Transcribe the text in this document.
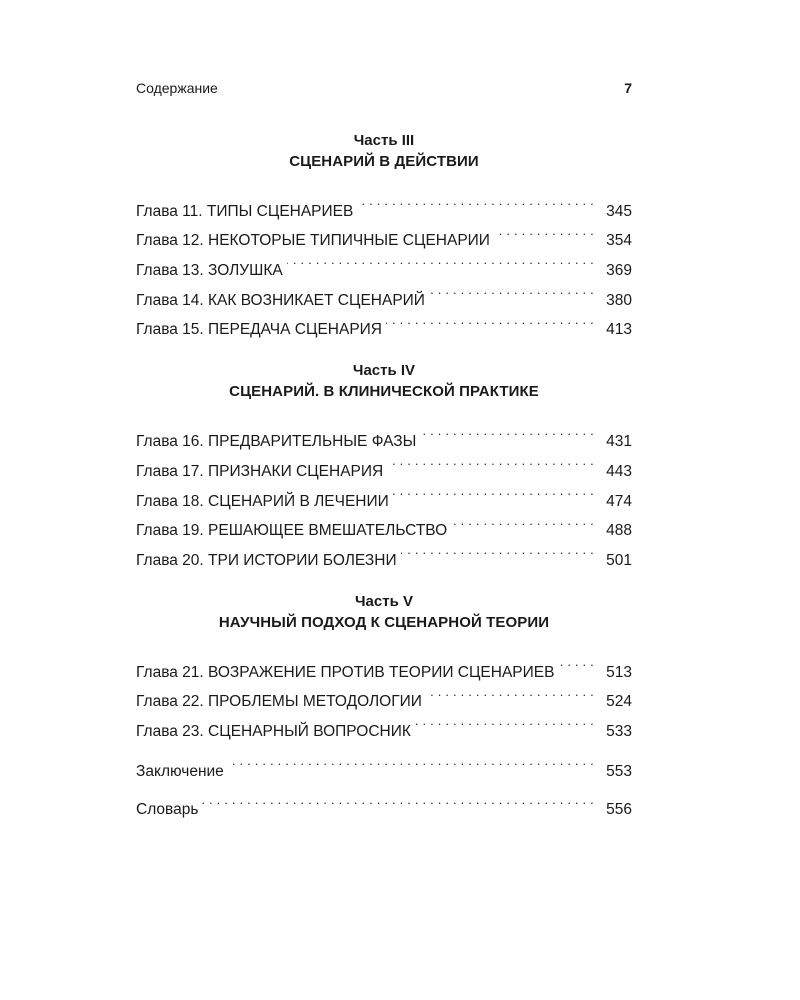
Содержание	7
Часть III
СЦЕНАРИЙ В ДЕЙСТВИИ
Глава 11. ТИПЫ СЦЕНАРИЕВ . . .	345
Глава 12. НЕКОТОРЫЕ ТИПИЧНЫЕ СЦЕНАРИИ . . .	354
Глава 13. ЗОЛУШКА . . .	369
Глава 14. КАК ВОЗНИКАЕТ СЦЕНАРИЙ . . .	380
Глава 15. ПЕРЕДАЧА СЦЕНАРИЯ . . .	413
Часть IV
СЦЕНАРИЙ. В КЛИНИЧЕСКОЙ ПРАКТИКЕ
Глава 16. ПРЕДВАРИТЕЛЬНЫЕ ФАЗЫ . . .	431
Глава 17. ПРИЗНАКИ СЦЕНАРИЯ . . .	443
Глава 18. СЦЕНАРИЙ В ЛЕЧЕНИИ . . .	474
Глава 19. РЕШАЮЩЕЕ ВМЕШАТЕЛЬСТВО . . .	488
Глава 20. ТРИ ИСТОРИИ БОЛЕЗНИ . . .	501
Часть V
НАУЧНЫЙ ПОДХОД К СЦЕНАРНОЙ ТЕОРИИ
Глава 21. ВОЗРАЖЕНИЕ ПРОТИВ ТЕОРИИ СЦЕНАРИЕВ . . .	513
Глава 22. ПРОБЛЕМЫ МЕТОДОЛОГИИ . . .	524
Глава 23. СЦЕНАРНЫЙ ВОПРОСНИК . . .	533
Заключение . . .	553
Словарь . . .	556
